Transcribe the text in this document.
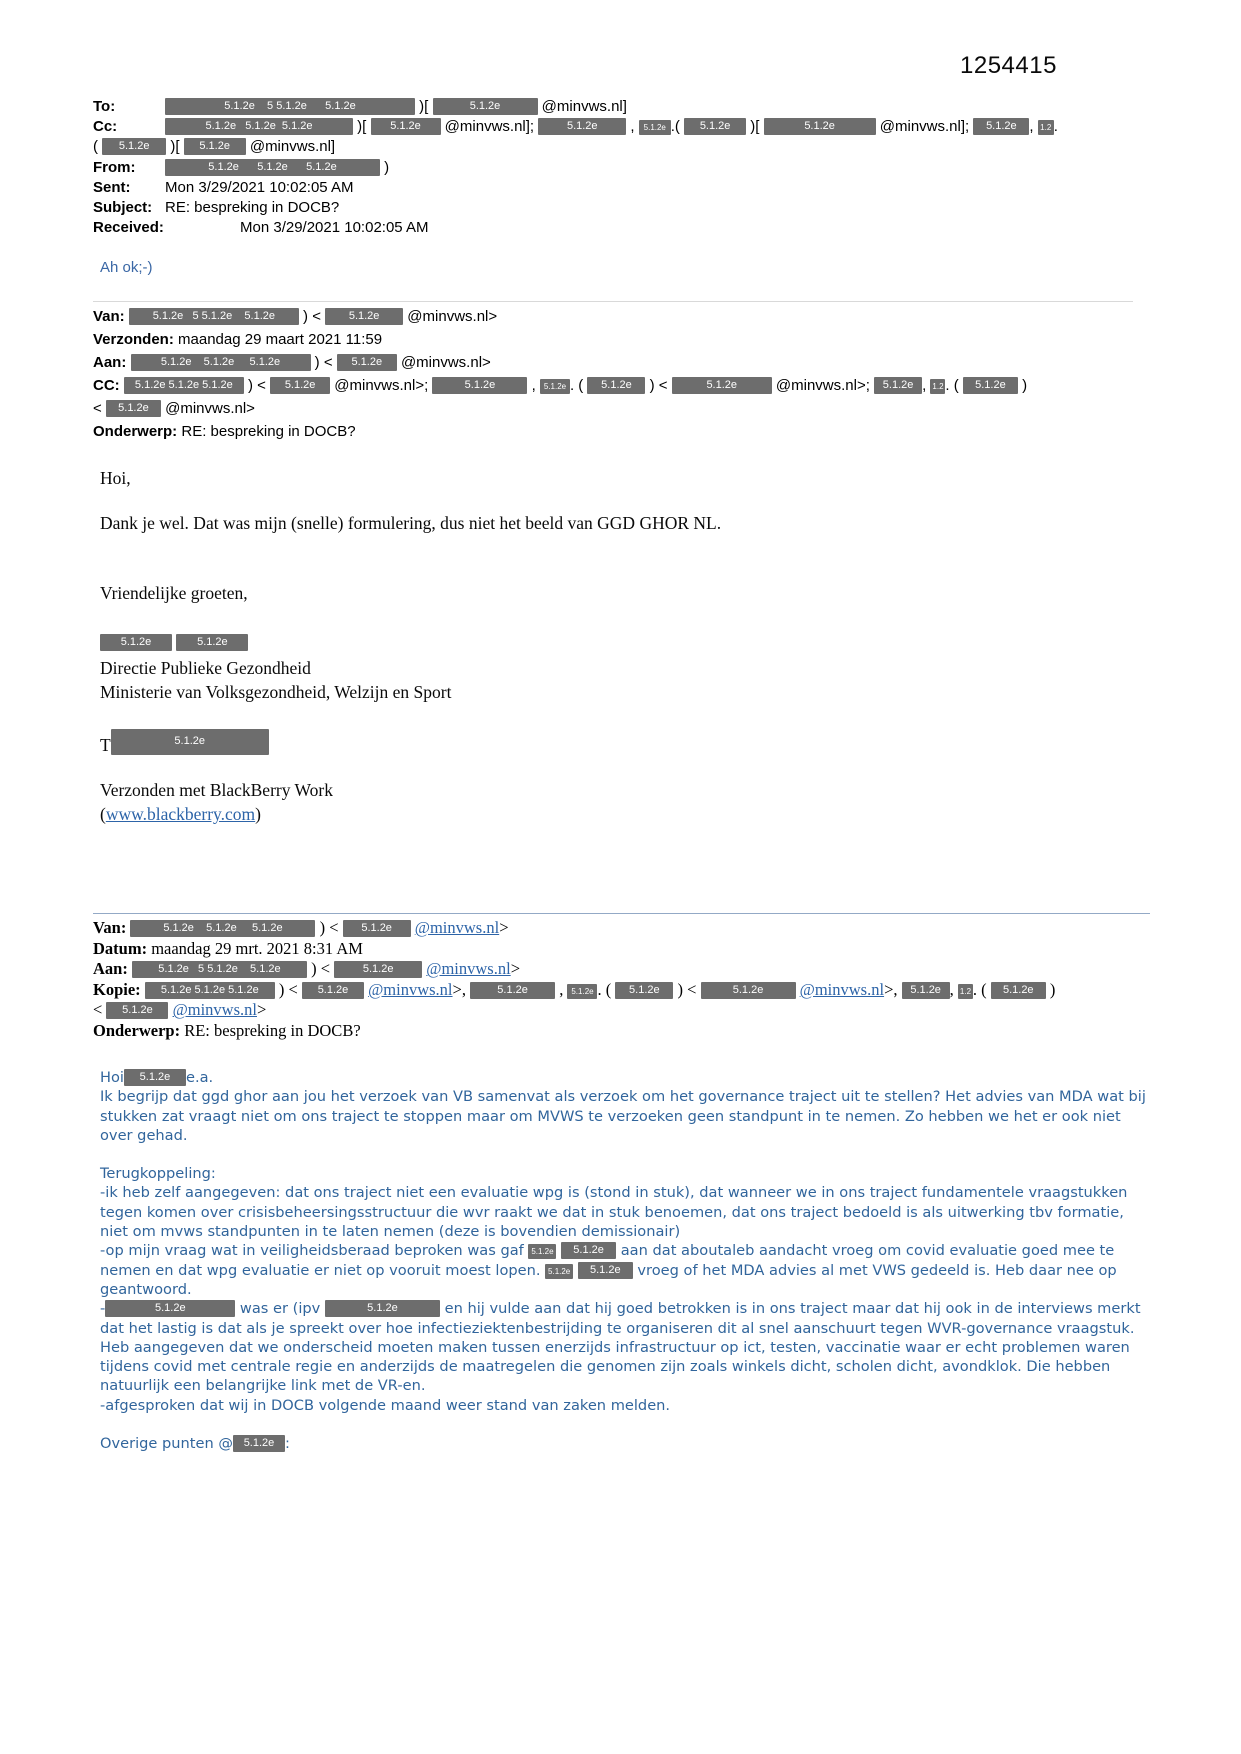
1254415
To:	5.1.2e    5 5.1.2e      5.1.2e	)[	5.1.2e @minvws.nl]
Cc:	5.1.2e   5.1.2e  5.1.2e	)[ 5.1.2e @minvws.nl];	5.1.2e , 5.1.2e .( 5.1.2e )[	5.1.2e	@minvws.nl]; 5.1.2e , 1.2 .
( 5.1.2e )[ 5.1.2e @minvws.nl]
From:	5.1.2e      5.1.2e      5.1.2e	)
Sent:	Mon 3/29/2021 10:02:05 AM
Subject: RE: bespreking in DOCB?
Received:	Mon 3/29/2021 10:02:05 AM
Ah ok;-)
Van:	5.1.2e   5 5.1.2e    5.1.2e ) < 5.1.2e @minvws.nl>
Verzonden: maandag 29 maart 2021 11:59
Aan:	5.1.2e    5.1.2e     5.1.2e ) < 5.1.2e @minvws.nl>
CC: 5.1.2e 5.1.2e 5.1.2e ) < 5.1.2e @minvws.nl>;	5.1.2e , 5.1.2e . ( 5.1.2e ) <	5.1.2e @minvws.nl>; 5.1.2e , 1.2 . ( 5.1.2e )
< 5.1.2e @minvws.nl>
Onderwerp: RE: bespreking in DOCB?
Hoi,
Dank je wel. Dat was mijn (snelle) formulering, dus niet het beeld van GGD GHOR NL.
Vriendelijke groeten,
5.1.2e	5.1.2e
Directie Publieke Gezondheid
Ministerie van Volksgezondheid, Welzijn en Sport
T	5.1.2e
Verzonden met BlackBerry Work
(www.blackberry.com)
Van:	5.1.2e    5.1.2e     5.1.2e ) < 5.1.2e @minvws.nl>
Datum: maandag 29 mrt. 2021 8:31 AM
Aan:	5.1.2e   5 5.1.2e    5.1.2e ) <	5.1.2e @minvws.nl>
Kopie: 5.1.2e 5.1.2e 5.1.2e ) < 5.1.2e @minvws.nl>, 5.1.2e , 5.1.2e . ( 5.1.2e ) <	5.1.2e @minvws.nl>, 5.1.2e , 1.2 . ( 5.1.2e )
< 5.1.2e @minvws.nl>
Onderwerp: RE: bespreking in DOCB?
Hoi 5.1.2e e.a.
Ik begrijp dat ggd ghor aan jou het verzoek van VB samenvat als verzoek om het governance traject uit te stellen? Het advies van MDA wat bij stukken zat vraagt niet om ons traject te stoppen maar om MVWS te verzoeken geen standpunt in te nemen. Zo hebben we het er ook niet over gehad.
Terugkoppeling:
-ik heb zelf aangegeven: dat ons traject niet een evaluatie wpg is (stond in stuk), dat wanneer we in ons traject fundamentele vraagstukken tegen komen over crisisbeheersingsstructuur die wvr raakt we dat in stuk benoemen, dat ons traject bedoeld is als uitwerking tbv formatie, niet om mvws standpunten in te laten nemen (deze is bovendien demissionair)
-op mijn vraag wat in veiligheidsberaad beproken was gaf 5.1.2e 5.1.2e aan dat aboutaleb aandacht vroeg om covid evaluatie goed mee te nemen en dat wpg evaluatie er niet op vooruit moest lopen. 5.1.2e 5.1.2e vroeg of het MDA advies al met VWS gedeeld is. Heb daar nee op geantwoord.
-	5.1.2e	was er (ipv	5.1.2e	en hij vulde aan dat hij goed betrokken is in ons traject maar dat hij ook in de interviews merkt dat het lastig is dat als je spreekt over hoe infectieziektenbestrijding te organiseren dit al snel aanschuurt tegen WVR-governance vraagstuk. Heb aangegeven dat we onderscheid moeten maken tussen enerzijds infrastructuur op ict, testen, vaccinatie waar er echt problemen waren tijdens covid met centrale regie en anderzijds de maatregelen die genomen zijn zoals winkels dicht, scholen dicht, avondklok. Die hebben natuurlijk een belangrijke link met de VR-en.
-afgesproken dat wij in DOCB volgende maand weer stand van zaken melden.
Overige punten @ 5.1.2e :
